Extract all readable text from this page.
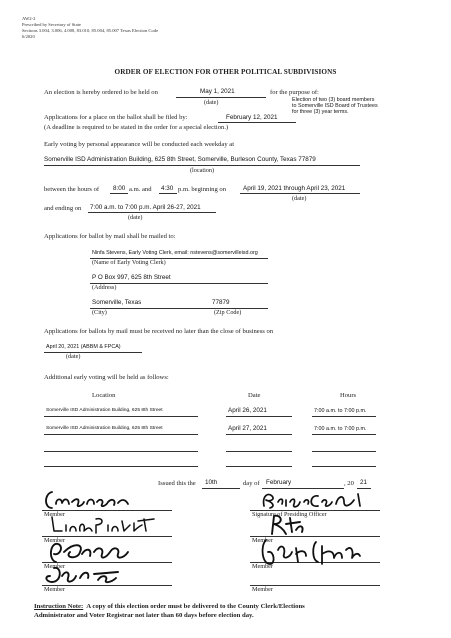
AW2-2
Prescribed by Secretary of State
Sections 3.004, 3.006, 4.008, 83.010, 85.004, 85.007 Texas Election Code
6/2020
ORDER OF ELECTION FOR OTHER POLITICAL SUBDIVISIONS
An election is hereby ordered to be held on	May 1, 2021	for the purpose of:
(date)	Election of two (3) board members
to Somerville ISD Board of Trustees
for three (3) year terms.
Applications for a place on the ballot shall be filed by:	February 12, 2021
(A deadline is required to be stated in the order for a special election.)
Early voting by personal appearance will be conducted each weekday at
Somerville ISD Administration Building, 625 8th Street, Somerville, Burleson County, Texas 77879
(location)
between the hours of 8:00 a.m. and 4:30 p.m. beginning on	April 19, 2021 through April 23, 2021
(date)
and ending on 7:00 a.m. to 7:00 p.m. April 26-27, 2021
(date)
Applications for ballot by mail shall be mailed to:
Ninfa Stevens, Early Voting Clerk, email: nstevens@somervilleisd.org
(Name of Early Voting Clerk)
P O Box 997, 625 8th Street
(Address)
Somerville, Texas	77879
(City)	(Zip Code)
Applications for ballots by mail must be received no later than the close of business on
April 20, 2021 (ABBM & FPCA)
(date)
Additional early voting will be held as follows:
Location	Date	Hours
Somerville ISD Administration Building, 625 8th Street	April 26, 2021	7:00 a.m. to 7:00 p.m.
Somerville ISD Administration Building, 625 8th Street	April 27, 2021	7:00 a.m. to 7:00 p.m.
Issued this the 10th	day of February	, 20 21
Member
Member
Member
Member
Signature of Presiding Officer
Member
Member
Member
Instruction Note: A copy of this election order must be delivered to the County Clerk/Elections
Administrator and Voter Registrar not later than 60 days before election day.
